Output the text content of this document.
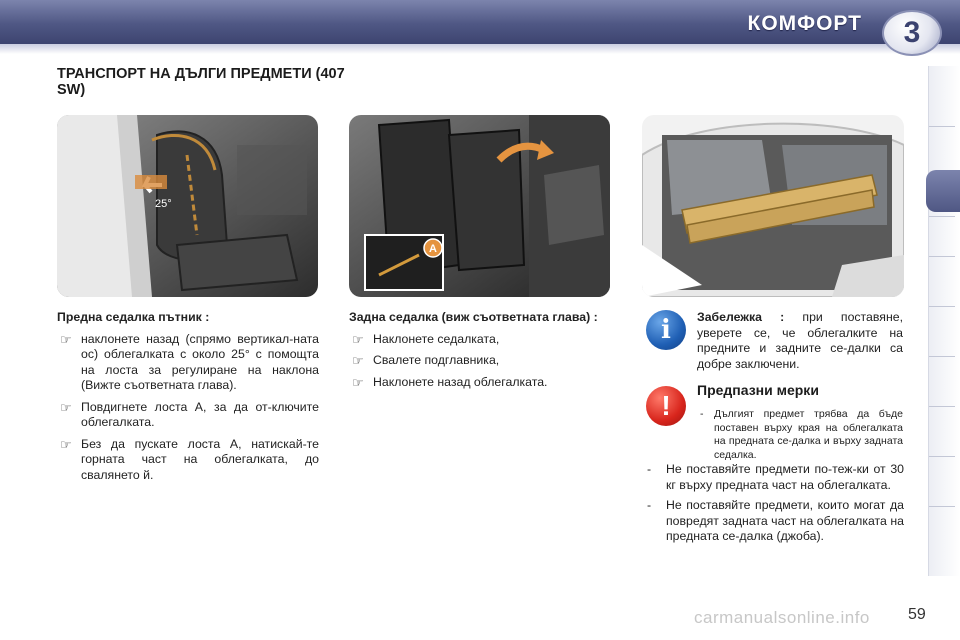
КОМФОРТ	3
ТРАНСПОРТ НА ДЪЛГИ ПРЕДМЕТИ (407 SW)
25°
A
Предна седалка пътник :
☞ наклонете назад (спрямо вертикал-ната ос) облегалката с около 25° с помощта на лоста за регулиране на наклона (Вижте съответната глава).
☞ Повдигнете лоста A, за да от-ключите облегалката.
☞ Без да пускате лоста A, натискай-те горната част на облегалката, до свалянето й.
Задна седалка (виж съответната глава) :
☞ Наклонете седалката,
☞ Свалете подглавника,
☞ Наклонете назад облегалката.
i	Забележка : при поставяне, уверете се, че облегалките на предните и задните се-далки са добре заключени.
!	Предпазни мерки
- Дългият предмет трябва да бъде поставен върху края на облегалката на предната се-далка и върху задната седалка.
- Не поставяйте предмети по-теж-ки от 30 кг върху предната част на облегалката.
- Не поставяйте предмети, които могат да повредят задната част на облегалката на предната се-далка (джоба).
carmanualsonline.info 59
